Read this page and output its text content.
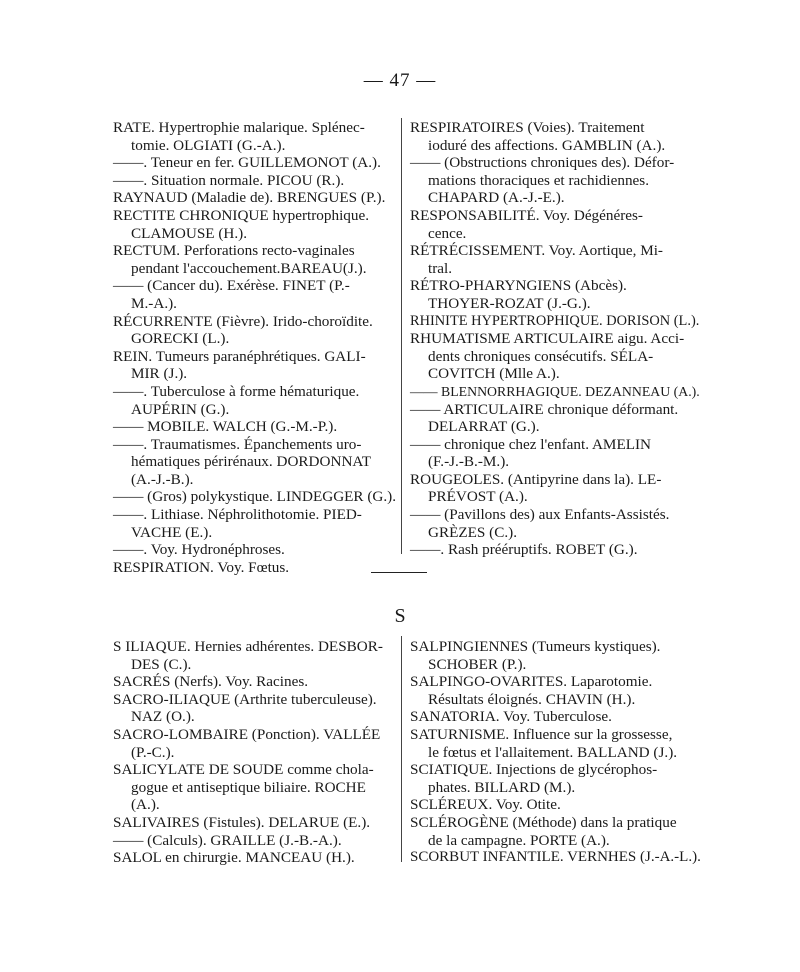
— 47 —
RATE. Hypertrophie malarique. Splénec-
tomie. OLGIATI (G.-A.).
——. Teneur en fer. GUILLEMONOT (A.).
——. Situation normale. PICOU (R.).
RAYNAUD (Maladie de). BRENGUES (P.).
RECTITE CHRONIQUE hypertrophique.
CLAMOUSE (H.).
RECTUM. Perforations recto-vaginales
pendant l'accouchement.BAREAU(J.).
—— (Cancer du). Exérèse. FINET (P.-
M.-A.).
RÉCURRENTE (Fièvre). Irido-choroïdite.
GORECKI (L.).
REIN. Tumeurs paranéphrétiques. GALI-
MIR (J.).
——. Tuberculose à forme hématurique.
AUPÉRIN (G.).
—— MOBILE. WALCH (G.-M.-P.).
——. Traumatismes. Épanchements uro-
hématiques périrénaux. DORDONNAT
(A.-J.-B.).
—— (Gros) polykystique. LINDEGGER (G.).
——. Lithiase. Néphrolithotomie. PIED-
VACHE (E.).
——. Voy. Hydronéphroses.
RESPIRATION. Voy. Fœtus.
RESPIRATOIRES (Voies). Traitement
ioduré des affections. GAMBLIN (A.).
—— (Obstructions chroniques des). Défor-
mations thoraciques et rachidiennes.
CHAPARD (A.-J.-E.).
RESPONSABILITÉ. Voy. Dégénéres-
cence.
RÉTRÉCISSEMENT. Voy. Aortique, Mi-
tral.
RÉTRO-PHARYNGIENS (Abcès).
THOYER-ROZAT (J.-G.).
RHINITE HYPERTROPHIQUE. DORISON (L.).
RHUMATISME ARTICULAIRE aigu. Acci-
dents chroniques consécutifs. SÉLA-
COVITCH (Mlle A.).
—— BLENNORRHAGIQUE. DEZANNEAU (A.).
—— ARTICULAIRE chronique déformant.
DELARRAT (G.).
—— chronique chez l'enfant. AMELIN
(F.-J.-B.-M.).
ROUGEOLES. (Antipyrine dans la). LE-
PRÉVOST (A.).
—— (Pavillons des) aux Enfants-Assistés.
GRÈZES (C.).
——. Rash prééruptifs. ROBET (G.).
S
S ILIAQUE. Hernies adhérentes. DESBOR-
DES (C.).
SACRÉS (Nerfs). Voy. Racines.
SACRO-ILIAQUE (Arthrite tuberculeuse).
NAZ (O.).
SACRO-LOMBAIRE (Ponction). VALLÉE
(P.-C.).
SALICYLATE DE SOUDE comme chola-
gogue et antiseptique biliaire. ROCHE
(A.).
SALIVAIRES (Fistules). DELARUE (E.).
—— (Calculs). GRAILLE (J.-B.-A.).
SALOL en chirurgie. MANCEAU (H.).
SALPINGIENNES (Tumeurs kystiques).
SCHOBER (P.).
SALPINGO-OVARITES. Laparotomie.
Résultats éloignés. CHAVIN (H.).
SANATORIA. Voy. Tuberculose.
SATURNISME. Influence sur la grossesse,
le fœtus et l'allaitement. BALLAND (J.).
SCIATIQUE. Injections de glycérophos-
phates. BILLARD (M.).
SCLÉREUX. Voy. Otite.
SCLÉROGÈNE (Méthode) dans la pratique
de la campagne. PORTE (A.).
SCORBUT INFANTILE. VERNHES (J.-A.-L.).
